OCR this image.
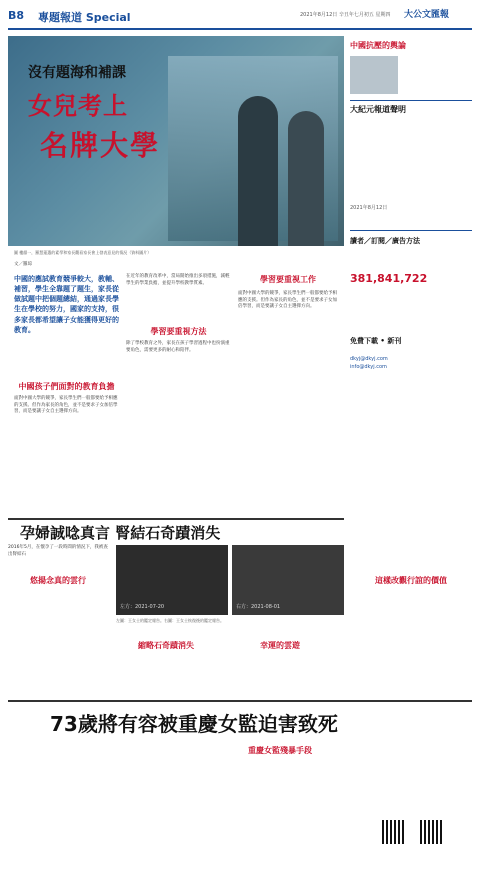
B8 專題報道 Special	2021年8月12日 辛丑年七月初五 星期四 大公文匯報
沒有題海和補課
女兒考上
名牌大學
圖 樓韻一，羅慧蓮選的素學和家長觀看家長會上發表意見的情況（資料圖片）
文／羅琼
中國的應試教育競爭較大，教輔、補習，學生全靠題了題生，家長從做試題中把個題總結，通過家長學生在學校的努力，國家的支持，很多家長都希望讓子女能獲得更好的教育。
中國孩子們面對的教育負擔
面對中國大學的競爭，家長學生們一般都要給予相應的支援。但作為家長的角色，並不是要求子女加倍學習，而是要讓子女自主選擇方向。
在近年的教育改革中，當局開始推出多項措施，減輕學生的學業負擔，並提升學校教學質素。
學習要重視方法
除了學校教育之外，家長在孩子學習過程中也扮演重要角色，需要更多的耐心和陪伴。
學習要重視工作
面對中國大學的競爭，家長學生們一般都要給予相應的支援。但作為家長的角色，並不是要求子女加倍學習，而是要讓子女自主選擇方向。
中國抗壓的輿論
大紀元報道聲明
2021年8月12日
讀者／訂閱／廣告方法
381,841,722
免費下載 • 新刊
dkyj@dkyj.com
info@dkyj.com
孕婦誠唸真言 腎結石奇蹟消失
2016年5月，在懷孕了一段時間的情況下，我被查出腎結石
悠揚念真的雲行
左方：2021-07-20	右方：2021-08-01
左圖：王女士的鑑定報告。右圖：王女士恢復後的鑑定報告。
縮略石奇蹟消失	幸運的雲遊
這樣改觀行誼的價值
73歲將有容被重慶女監迫害致死
重慶女監殘暴手段
